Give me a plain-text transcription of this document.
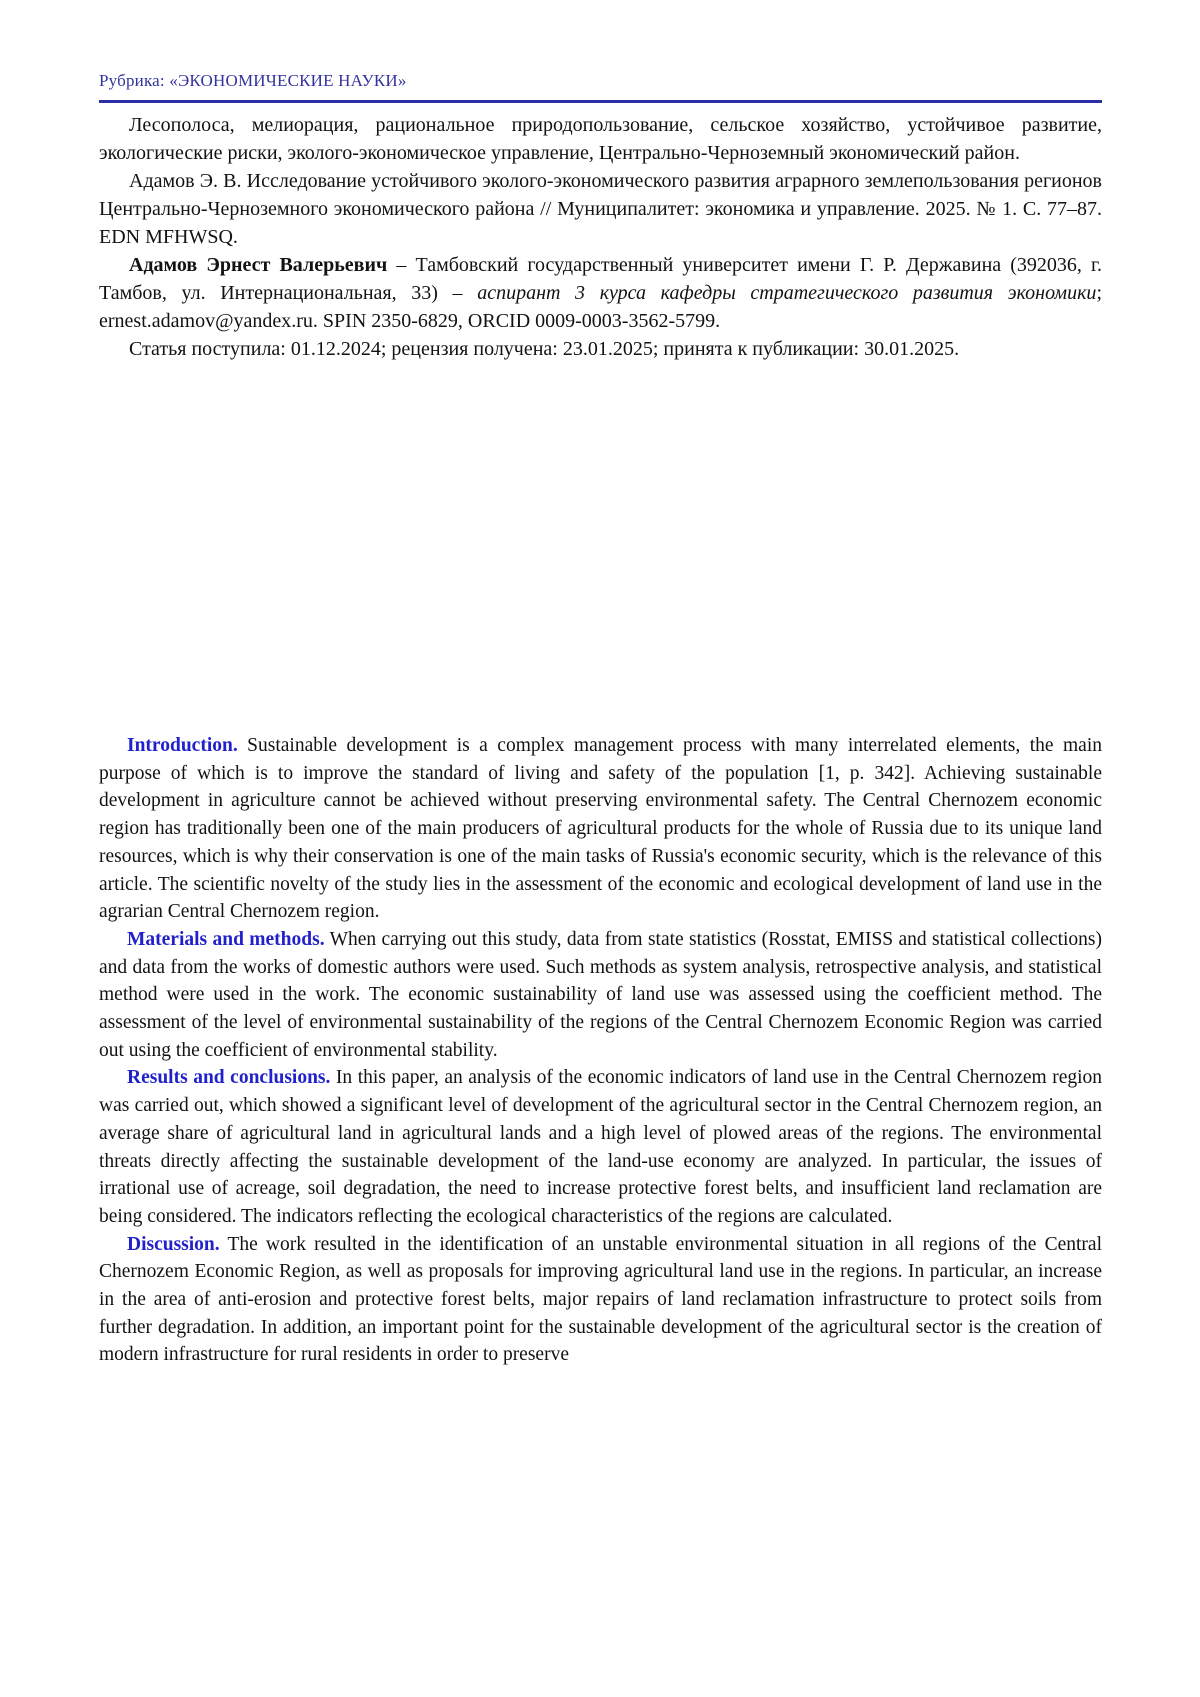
Рубрика: «ЭКОНОМИЧЕСКИЕ НАУКИ»

Лесополоса, мелиорация, рациональное природопользование, сельское хозяйство, устойчивое развитие, экологические риски, эколого-экономическое управление, Центрально-Черноземный экономический район.

Адамов Э. В. Исследование устойчивого эколого-экономического развития аграрного землепользования регионов Центрально-Черноземного экономического района // Муниципалитет: экономика и управление. 2025. № 1. С. 77–87. EDN MFHWSQ.

Адамов Эрнест Валерьевич – Тамбовский государственный университет имени Г. Р. Державина (392036, г. Тамбов, ул. Интернациональная, 33) – аспирант 3 курса кафедры стратегического развития экономики; ernest.adamov@yandex.ru. SPIN 2350-6829, ORCID 0009-0003-3562-5799.

Статья поступила: 01.12.2024; рецензия получена: 23.01.2025; принята к публикации: 30.01.2025.

Introduction. Sustainable development is a complex management process with many interrelated elements, the main purpose of which is to improve the standard of living and safety of the population [1, p. 342]. Achieving sustainable development in agriculture cannot be achieved without preserving environmental safety. The Central Chernozem economic region has traditionally been one of the main producers of agricultural products for the whole of Russia due to its unique land resources, which is why their conservation is one of the main tasks of Russia's economic security, which is the relevance of this article. The scientific novelty of the study lies in the assessment of the economic and ecological development of land use in the agrarian Central Chernozem region.

Materials and methods. When carrying out this study, data from state statistics (Rosstat, EMISS and statistical collections) and data from the works of domestic authors were used. Such methods as system analysis, retrospective analysis, and statistical method were used in the work. The economic sustainability of land use was assessed using the coefficient method. The assessment of the level of environmental sustainability of the regions of the Central Chernozem Economic Region was carried out using the coefficient of environmental stability.

Results and conclusions. In this paper, an analysis of the economic indicators of land use in the Central Chernozem region was carried out, which showed a significant level of development of the agricultural sector in the Central Chernozem region, an average share of agricultural land in agricultural lands and a high level of plowed areas of the regions. The environmental threats directly affecting the sustainable development of the land-use economy are analyzed. In particular, the issues of irrational use of acreage, soil degradation, the need to increase protective forest belts, and insufficient land reclamation are being considered. The indicators reflecting the ecological characteristics of the regions are calculated.

Discussion. The work resulted in the identification of an unstable environmental situation in all regions of the Central Chernozem Economic Region, as well as proposals for improving agricultural land use in the regions. In particular, an increase in the area of anti-erosion and protective forest belts, major repairs of land reclamation infrastructure to protect soils from further degradation. In addition, an important point for the sustainable development of the agricultural sector is the creation of modern infrastructure for rural residents in order to preserve
